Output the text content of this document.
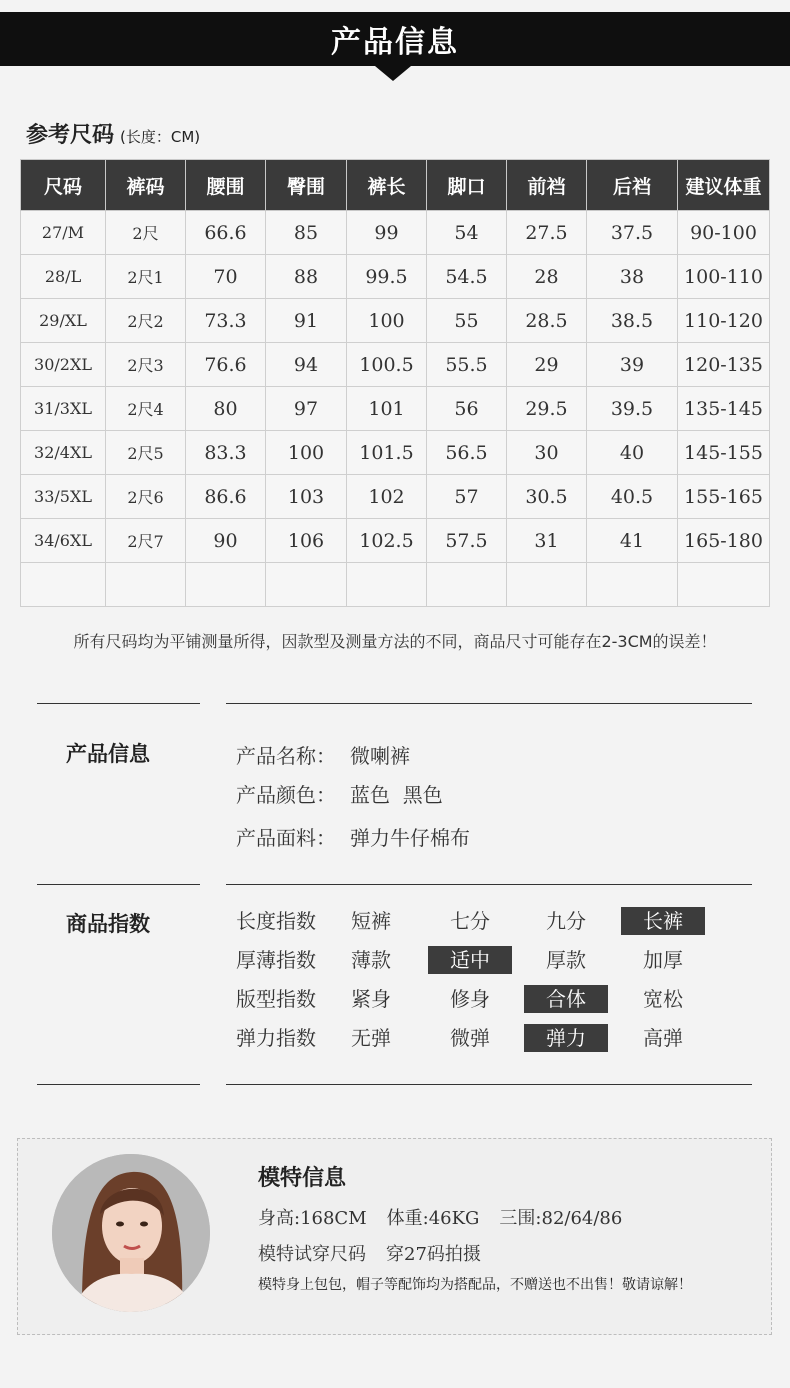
产品信息
参考尺码 (长度：CM)
尺码	裤码	腰围	臀围	裤长	脚口	前裆	后裆	建议体重
27/M	2尺	66.6	85	99	54	27.5	37.5	90-100
28/L	2尺1	70	88	99.5	54.5	28	38	100-110
29/XL	2尺2	73.3	91	100	55	28.5	38.5	110-120
30/2XL	2尺3	76.6	94	100.5	55.5	29	39	120-135
31/3XL	2尺4	80	97	101	56	29.5	39.5	135-145
32/4XL	2尺5	83.3	100	101.5	56.5	30	40	145-155
33/5XL	2尺6	86.6	103	102	57	30.5	40.5	155-165
34/6XL	2尺7	90	106	102.5	57.5	31	41	165-180

所有尺码均为平铺测量所得，因款型及测量方法的不同，商品尺寸可能存在2-3CM的误差！
产品信息	产品名称： 微喇裤
产品颜色： 蓝色  黑色
产品面料： 弹力牛仔棉布
商品指数	长度指数	短裤	七分	九分	长裤
厚薄指数	薄款	适中	厚款	加厚
版型指数	紧身	修身	合体	宽松
弹力指数	无弹	微弹	弹力	高弹
模特信息
身高:168CM 体重:46KG 三围:82/64/86
模特试穿尺码 穿27码拍摄
模特身上包包，帽子等配饰均为搭配品，不赠送也不出售！敬请谅解！
